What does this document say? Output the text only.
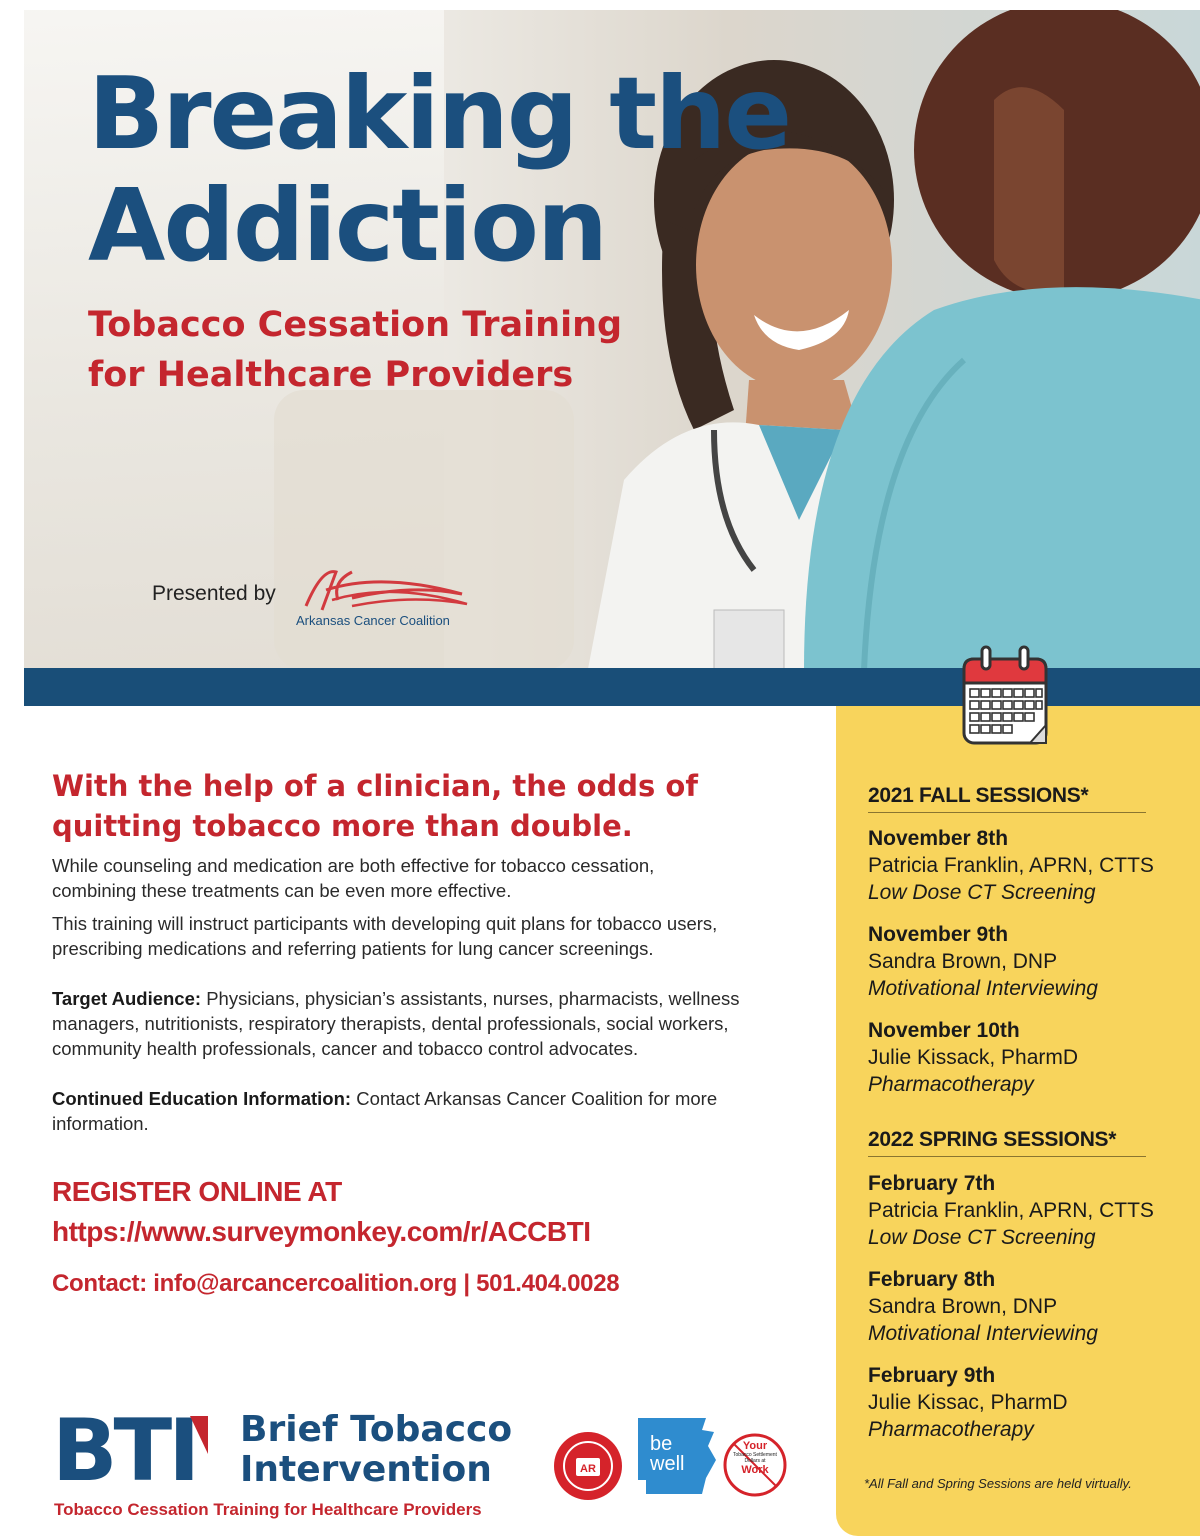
Breaking the
Addiction
Tobacco Cessation Training
for Healthcare Providers
Presented by
Arkansas Cancer Coalition
2021 FALL SESSIONS*
November 8th
Patricia Franklin, APRN, CTTS
Low Dose CT Screening
November 9th
Sandra Brown, DNP
Motivational Interviewing
November 10th
Julie Kissack, PharmD
Pharmacotherapy
2022 SPRING SESSIONS*
February 7th
Patricia Franklin, APRN, CTTS
Low Dose CT Screening
February 8th
Sandra Brown, DNP
Motivational Interviewing
February 9th
Julie Kissac, PharmD
Pharmacotherapy
*All Fall and Spring Sessions are held virtually.
With the help of a clinician, the odds of
quitting tobacco more than double.
While counseling and medication are both effective for tobacco cessation, combining these treatments can be even more effective.
This training will instruct participants with developing quit plans for tobacco users, prescribing medications and referring patients for lung cancer screenings.
Target Audience: Physicians, physician’s assistants, nurses, pharmacists, wellness managers, nutritionists, respiratory therapists, dental professionals, social workers, community health professionals, cancer and tobacco control advocates.
Continued Education Information: Contact Arkansas Cancer Coalition for more information.
REGISTER ONLINE AT
https://www.surveymonkey.com/r/ACCBTI
Contact: info@arcancercoalition.org | 501.404.0028
BTI Brief Tobacco
Intervention
Tobacco Cessation Training for Healthcare Providers
AR
be well
Your
Tobacco Settlement Dollars at
Work
